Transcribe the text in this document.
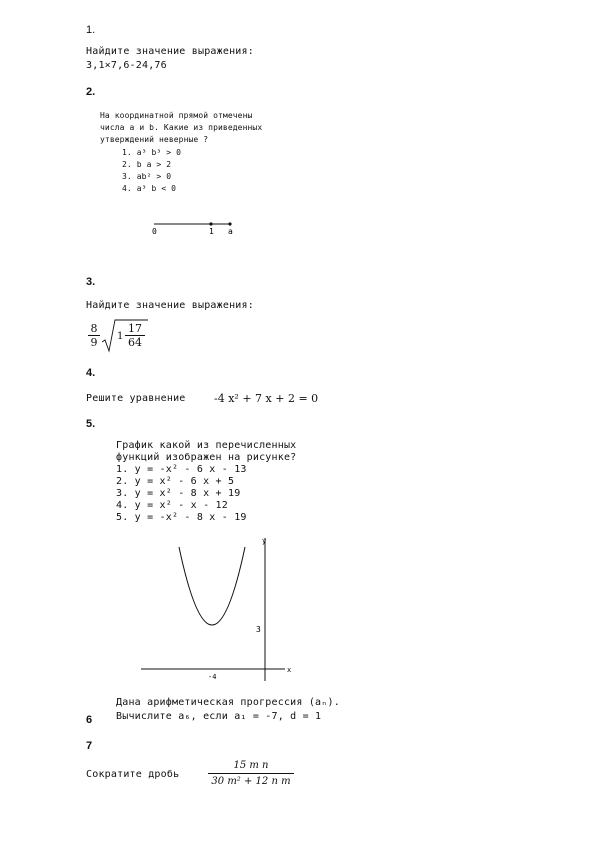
1.
Найдите значение выражения:
3,1×7,6-24,76
2.
На координатной прямой отмечены
числа a и b. Какие из приведенных
утверждений неверные ?
1. a³ b³ > 0
2. b a > 2
3. ab² > 0
4. a³ b < 0
0	1 a
3.
Найдите значение выражения:
8
9 1
17
64
4.
Решите уравнение	-4 x² + 7 x + 2 = 0
5.
График какой из перечисленных
функций изображен на рисунке?
1. y = -x² - 6 x - 13
2. y = x² - 6 x + 5
3. y = x² - 8 x + 19
4. y = x² - x - 12
5. y = -x² - 8 x - 19
y
x
3
-4
Дана арифметическая прогрессия (aₙ).
Вычислите a₆, если a₁ = -7, d = 1
6
7
Сократите дробь
15 m n
30 m² + 12 n m
